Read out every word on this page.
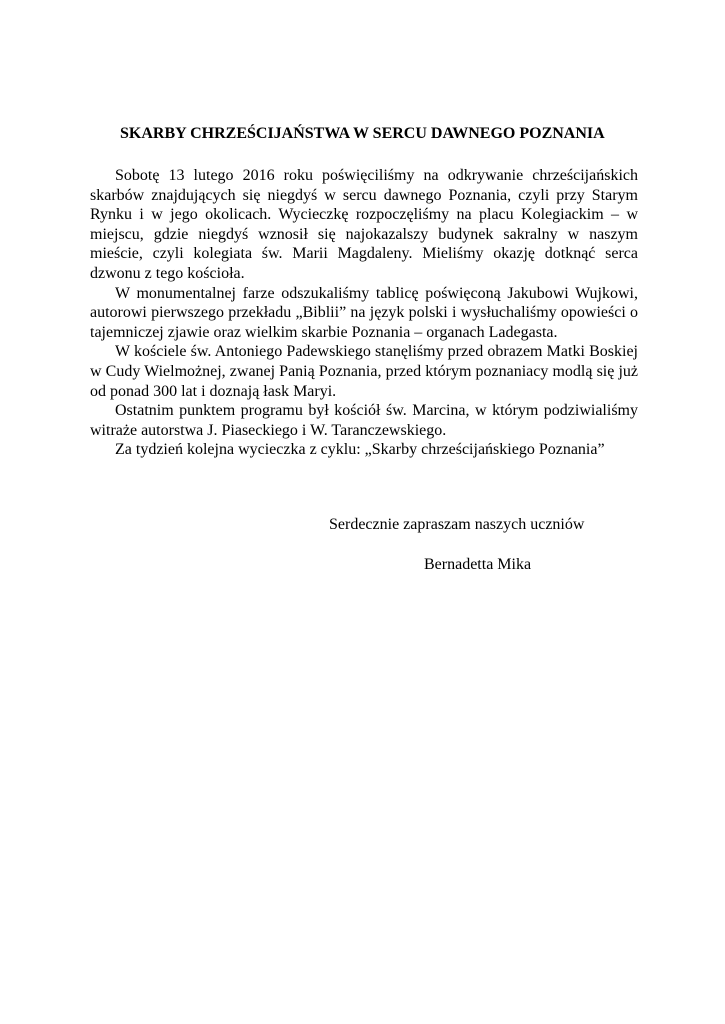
SKARBY CHRZEŚCIJAŃSTWA W SERCU DAWNEGO POZNANIA

Sobotę 13 lutego 2016 roku poświęciliśmy na odkrywanie chrześcijańskich skarbów znajdujących się niegdyś w sercu dawnego Poznania, czyli przy Starym Rynku i w jego okolicach. Wycieczkę rozpoczęliśmy na placu Kolegiackim – w miejscu, gdzie niegdyś wznosił się najokazalszy budynek sakralny w naszym mieście, czyli kolegiata św. Marii Magdaleny. Mieliśmy okazję dotknąć serca dzwonu z tego kościoła.

W monumentalnej farze odszukaliśmy tablicę poświęconą Jakubowi Wujkowi, autorowi pierwszego przekładu „Biblii” na język polski i wysłuchaliśmy opowieści o tajemniczej zjawie oraz wielkim skarbie Poznania – organach Ladegasta.

W kościele św. Antoniego Padewskiego stanęliśmy przed obrazem Matki Boskiej w Cudy Wielmożnej, zwanej Panią Poznania, przed którym poznaniacy modlą się już od ponad 300 lat i doznają łask Maryi.

Ostatnim punktem programu był kościół św. Marcina, w którym podziwialiśmy witraże autorstwa J. Piaseckiego i W. Taranczewskiego.

Za tydzień kolejna wycieczka z cyklu: „Skarby chrześcijańskiego Poznania”

Serdecznie zapraszam naszych uczniów
Bernadetta Mika
